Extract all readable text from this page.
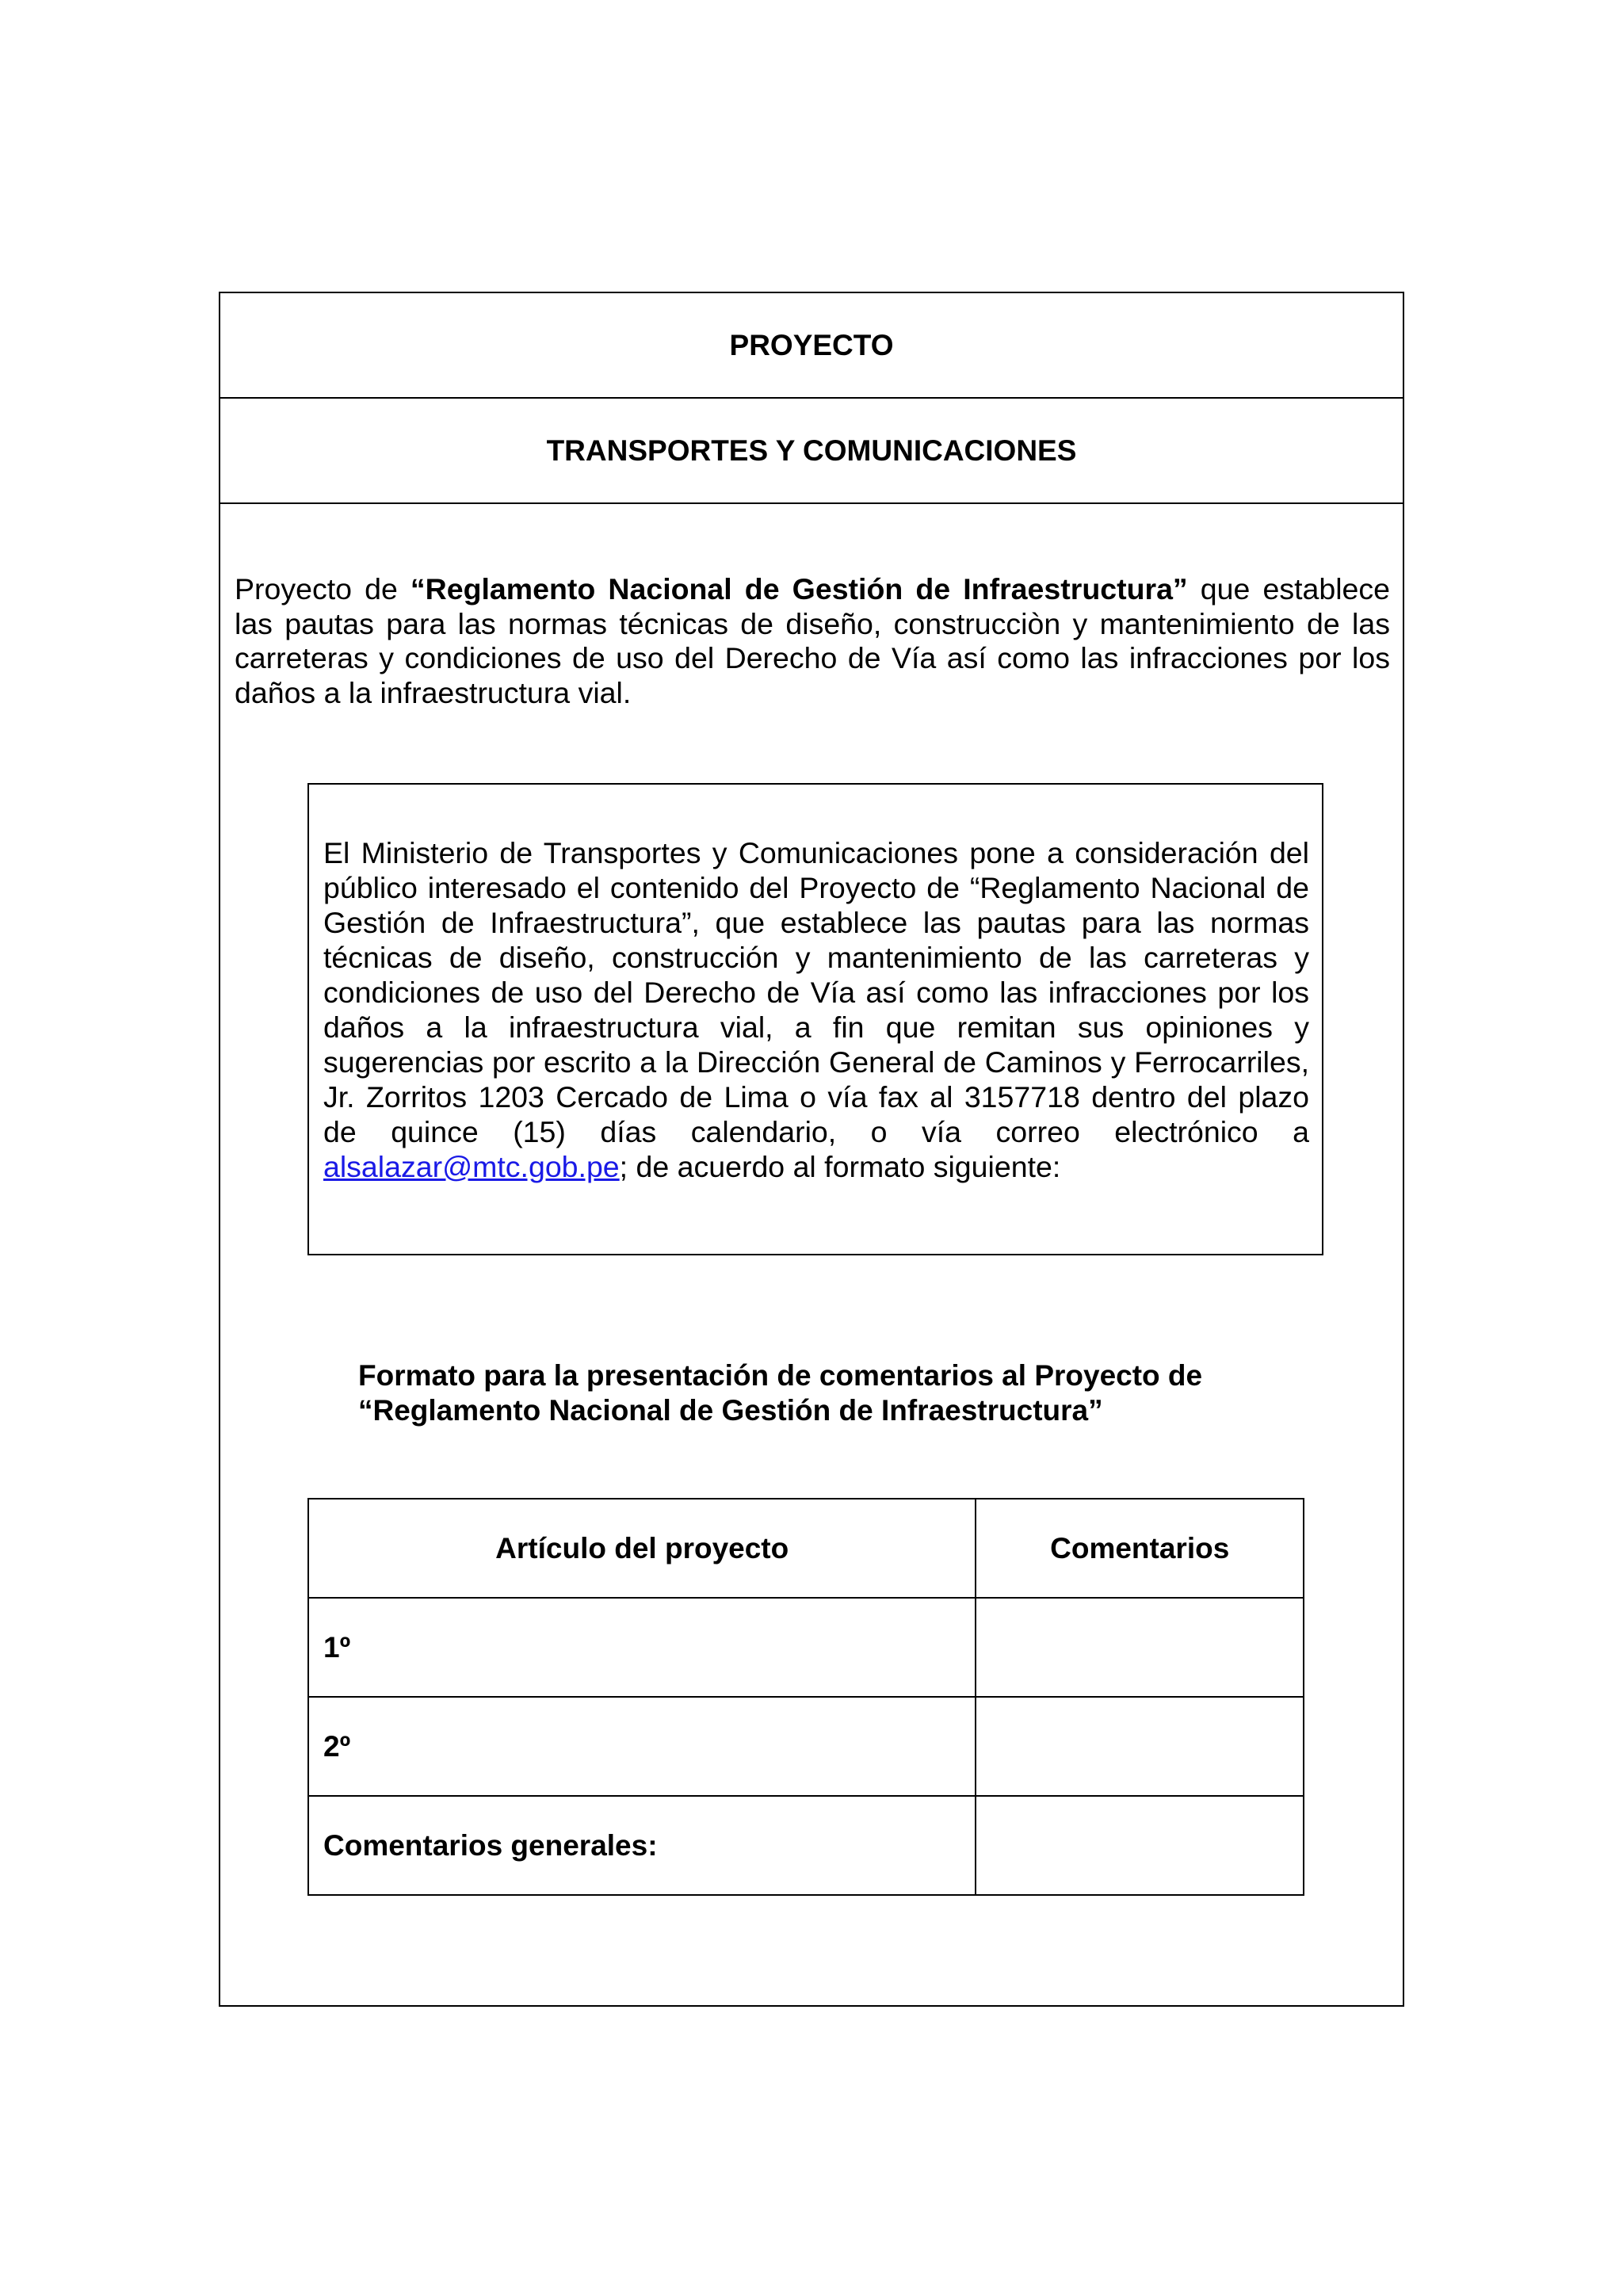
PROYECTO
TRANSPORTES Y COMUNICACIONES
Proyecto de “Reglamento Nacional de Gestión de Infraestructura” que establece las pautas para las normas técnicas de diseño, construcciòn y mantenimiento de las carreteras y condiciones de uso del Derecho de Vía así como las infracciones por los daños a la infraestructura vial.
El Ministerio de Transportes y Comunicaciones pone a consideración del público interesado el contenido del Proyecto de “Reglamento Nacional de Gestión de Infraestructura”, que establece las pautas para las normas técnicas de diseño, construcción y mantenimiento de las carreteras y condiciones de uso del Derecho de Vía así como las infracciones por los daños a la infraestructura vial, a fin que remitan sus opiniones y sugerencias por escrito a la Dirección General de Caminos y Ferrocarriles, Jr. Zorritos 1203 Cercado de Lima o vía fax al 3157718 dentro del plazo de quince (15) días calendario, o vía correo electrónico a alsalazar@mtc.gob.pe; de acuerdo al formato siguiente:
Formato para la presentación de comentarios al Proyecto de
“Reglamento Nacional de Gestión de Infraestructura”
Artículo del proyecto	Comentarios
1º	
2º	
Comentarios generales:	
